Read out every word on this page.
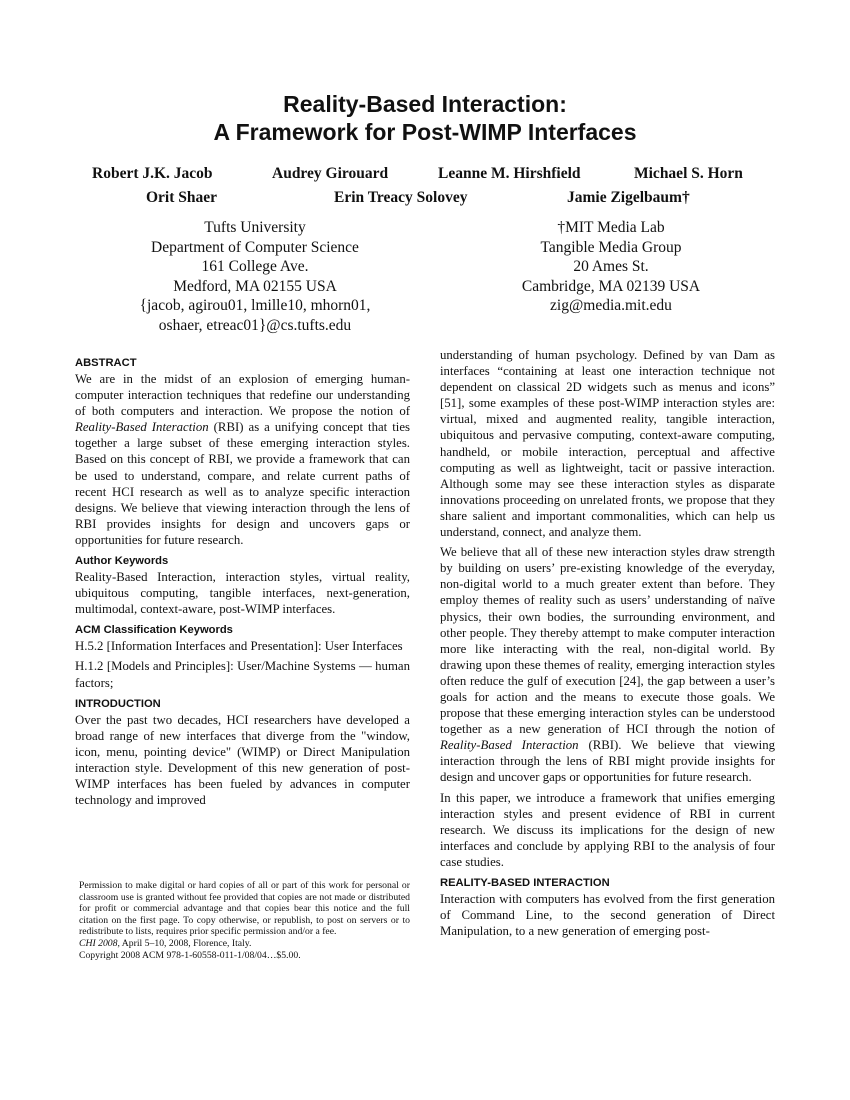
Reality-Based Interaction:
A Framework for Post-WIMP Interfaces
Robert J.K. Jacob	Audrey Girouard	Leanne M. Hirshfield	Michael S. Horn
Orit Shaer	Erin Treacy Solovey	Jamie Zigelbaum†
Tufts University
Department of Computer Science
161 College Ave.
Medford, MA 02155 USA
{jacob, agirou01, lmille10, mhorn01,
oshaer, etreac01}@cs.tufts.edu
†MIT Media Lab
Tangible Media Group
20 Ames St.
Cambridge, MA 02139 USA
zig@media.mit.edu
ABSTRACT

We are in the midst of an explosion of emerging human-computer interaction techniques that redefine our understanding of both computers and interaction. We propose the notion of Reality-Based Interaction (RBI) as a unifying concept that ties together a large subset of these emerging interaction styles. Based on this concept of RBI, we provide a framework that can be used to understand, compare, and relate current paths of recent HCI research as well as to analyze specific interaction designs. We believe that viewing interaction through the lens of RBI provides insights for design and uncovers gaps or opportunities for future research.

Author Keywords

Reality-Based Interaction, interaction styles, virtual reality, ubiquitous computing, tangible interfaces, next-generation, multimodal, context-aware, post-WIMP interfaces.

ACM Classification Keywords

H.5.2 [Information Interfaces and Presentation]: User Interfaces

H.1.2 [Models and Principles]: User/Machine Systems — human factors;

INTRODUCTION

Over the past two decades, HCI researchers have developed a broad range of new interfaces that diverge from the "window, icon, menu, pointing device" (WIMP) or Direct Manipulation interaction style. Development of this new generation of post-WIMP interfaces has been fueled by advances in computer technology and improved

Permission to make digital or hard copies of all or part of this work for personal or classroom use is granted without fee provided that copies are not made or distributed for profit or commercial advantage and that copies bear this notice and the full citation on the first page. To copy otherwise, or republish, to post on servers or to redistribute to lists, requires prior specific permission and/or a fee.

CHI 2008, April 5–10, 2008, Florence, Italy.

Copyright 2008 ACM 978-1-60558-011-1/08/04…$5.00.

understanding of human psychology. Defined by van Dam as interfaces “containing at least one interaction technique not dependent on classical 2D widgets such as menus and icons” [51], some examples of these post-WIMP interaction styles are: virtual, mixed and augmented reality, tangible interaction, ubiquitous and pervasive computing, context-aware computing, handheld, or mobile interaction, perceptual and affective computing as well as lightweight, tacit or passive interaction. Although some may see these interaction styles as disparate innovations proceeding on unrelated fronts, we propose that they share salient and important commonalities, which can help us understand, connect, and analyze them.

We believe that all of these new interaction styles draw strength by building on users’ pre-existing knowledge of the everyday, non-digital world to a much greater extent than before. They employ themes of reality such as users’ understanding of naïve physics, their own bodies, the surrounding environment, and other people. They thereby attempt to make computer interaction more like interacting with the real, non-digital world. By drawing upon these themes of reality, emerging interaction styles often reduce the gulf of execution [24], the gap between a user’s goals for action and the means to execute those goals. We propose that these emerging interaction styles can be understood together as a new generation of HCI through the notion of Reality-Based Interaction (RBI). We believe that viewing interaction through the lens of RBI might provide insights for design and uncover gaps or opportunities for future research.

In this paper, we introduce a framework that unifies emerging interaction styles and present evidence of RBI in current research. We discuss its implications for the design of new interfaces and conclude by applying RBI to the analysis of four case studies.

REALITY-BASED INTERACTION

Interaction with computers has evolved from the first generation of Command Line, to the second generation of Direct Manipulation, to a new generation of emerging post-
